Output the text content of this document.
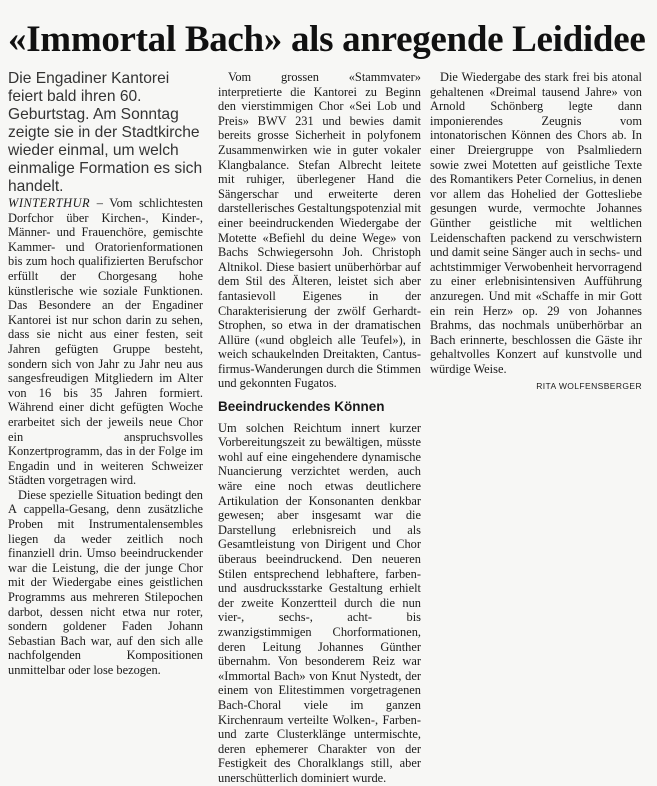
«Immortal Bach» als anregende Leididee

Die Engadiner Kantorei feiert bald ihren 60. Geburtstag. Am Sonntag zeigte sie in der Stadtkirche wieder einmal, um welch einmalige Formation es sich handelt.

WINTERTHUR – Vom schlichtesten Dorfchor über Kirchen-, Kinder-, Männer- und Frauenchöre, gemischte Kammer- und Oratorienformationen bis zum hoch qualifizierten Berufschor erfüllt der Chorgesang hohe künstlerische wie soziale Funktionen. Das Besondere an der Engadiner Kantorei ist nur schon darin zu sehen, dass sie nicht aus einer festen, seit Jahren gefügten Gruppe besteht, sondern sich von Jahr zu Jahr neu aus sangesfreudigen Mitgliedern im Alter von 16 bis 35 Jahren formiert. Während einer dicht gefügten Woche erarbeitet sich der jeweils neue Chor ein anspruchsvolles Konzertprogramm, das in der Folge im Engadin und in weiteren Schweizer Städten vorgetragen wird.

Diese spezielle Situation bedingt den A cappella-Gesang, denn zusätzliche Proben mit Instrumentalensembles liegen da weder zeitlich noch finanziell drin. Umso beeindruckender war die Leistung, die der junge Chor mit der Wiedergabe eines geistlichen Programms aus mehreren Stilepochen darbot, dessen nicht etwa nur roter, sondern goldener Faden Johann Sebastian Bach war, auf den sich alle nachfolgenden Kompositionen unmittelbar oder lose bezogen.

Vom grossen «Stammvater» interpretierte die Kantorei zu Beginn den vierstimmigen Chor «Sei Lob und Preis» BWV 231 und bewies damit bereits grosse Sicherheit in polyfonem Zusammenwirken wie in guter vokaler Klangbalance. Stefan Albrecht leitete mit ruhiger, überlegener Hand die Sängerschar und erweiterte deren darstellerisches Gestaltungspotenzial mit einer beeindruckenden Wiedergabe der Motette «Befiehl du deine Wege» von Bachs Schwiegersohn Joh. Christoph Altnikol. Diese basiert unüberhörbar auf dem Stil des Älteren, leistet sich aber fantasievoll Eigenes in der Charakterisierung der zwölf Gerhardt-Strophen, so etwa in der dramatischen Allüre («und obgleich alle Teufel»), in weich schaukelnden Dreitakten, Cantus-firmus-Wanderungen durch die Stimmen und gekonnten Fugatos.

Beeindruckendes Können

Um solchen Reichtum innert kurzer Vorbereitungszeit zu bewältigen, müsste wohl auf eine eingehendere dynamische Nuancierung verzichtet werden, auch wäre eine noch etwas deutlichere Artikulation der Konsonanten denkbar gewesen; aber insgesamt war die Darstellung erlebnisreich und als Gesamtleistung von Dirigent und Chor überaus beeindruckend. Den neueren Stilen entsprechend lebhaftere, farben- und ausdrucksstarke Gestaltung erhielt der zweite Konzertteil durch die nun vier-, sechs-, acht- bis zwanzigstimmigen Chorformationen, deren Leitung Johannes Günther übernahm. Von besonderem Reiz war «Immortal Bach» von Knut Nystedt, der einem von Elitestimmen vorgetragenen Bach-Choral viele im ganzen Kirchenraum verteilte Wolken-, Farben- und zarte Clusterklänge untermischte, deren ephemerer Charakter von der Festigkeit des Choralklangs still, aber unerschütterlich dominiert wurde.

Die Wiedergabe des stark frei bis atonal gehaltenen «Dreimal tausend Jahre» von Arnold Schönberg legte dann imponierendes Zeugnis vom intonatorischen Können des Chors ab. In einer Dreiergruppe von Psalmliedern sowie zwei Motetten auf geistliche Texte des Romantikers Peter Cornelius, in denen vor allem das Hohelied der Gottesliebe gesungen wurde, vermochte Johannes Günther geistliche mit weltlichen Leidenschaften packend zu verschwistern und damit seine Sänger auch in sechs- und achtstimmiger Verwobenheit hervorragend zu einer erlebnisintensiven Aufführung anzuregen. Und mit «Schaffe in mir Gott ein rein Herz» op. 29 von Johannes Brahms, das nochmals unüberhörbar an Bach erinnerte, beschlossen die Gäste ihr gehaltvolles Konzert auf kunstvolle und würdige Weise.

RITA WOLFENSBERGER
